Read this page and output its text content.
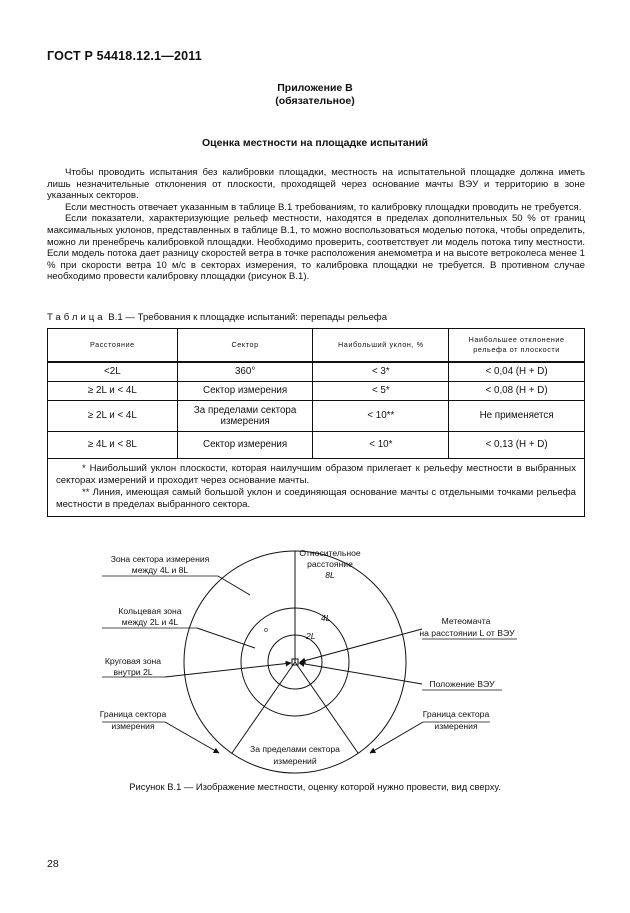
ГОСТ Р 54418.12.1—2011
Приложение В
(обязательное)
Оценка местности на площадке испытаний

Чтобы проводить испытания без калибровки площадки, местность на испытательной площадке должна иметь лишь незначительные отклонения от плоскости, проходящей через основание мачты ВЭУ и территорию в зоне указанных секторов.

Если местность отвечает указанным в таблице В.1 требованиям, то калибровку площадки проводить не требуется.

Если показатели, характеризующие рельеф местности, находятся в пределах дополнительных 50 % от границ максимальных уклонов, представленных в таблице В.1, то можно воспользоваться моделью потока, чтобы определить, можно ли пренебречь калибровкой площадки. Необходимо проверить, соответствует ли модель потока типу местности. Если модель потока дает разницу скоростей ветра в точке расположения анемометра и на высоте ветроколеса менее 1 % при скорости ветра 10 м/с в секторах измерения, то калибровка площадки не требуется. В противном случае необходимо провести калибровку площадки (рисунок В.1).

Таблица В.1 — Требования к площадке испытаний: перепады рельефа
Расстояние	Сектор	Наибольший уклон, %	Наибольшее отклонение рельефа от плоскости
<2L	360°	< 3*	< 0,04 (H + D)
≥ 2L и < 4L	Сектор измерения	< 5*	< 0,08 (H + D)
≥ 2L и < 4L	За пределами сектора измерения	< 10**	Не применяется
≥ 4L и < 8L	Сектор измерения	< 10*	< 0,13 (H + D)

* Наибольший уклон плоскости, которая наилучшим образом прилегает к рельефу местности в выбранных секторах измерений и проходит через основание мачты.

** Линия, имеющая самый большой уклон и соединяющая основание мачты с отдельными точками рельефа местности в пределах выбранного сектора.			

Зона сектора измерения
между 4L и 8L
Кольцевая зона
между 2L и 4L
Круговая зона
внутри 2L
Граница сектора
измерения
Относительное
расстояние
8L
4L
2L
o
Метеомачта
на расстоянии L от ВЭУ
Положение ВЭУ
Граница сектора
измерения
За пределами сектора
измерений
Рисунок В.1 — Изображение местности, оценку которой нужно провести, вид сверху.
28
